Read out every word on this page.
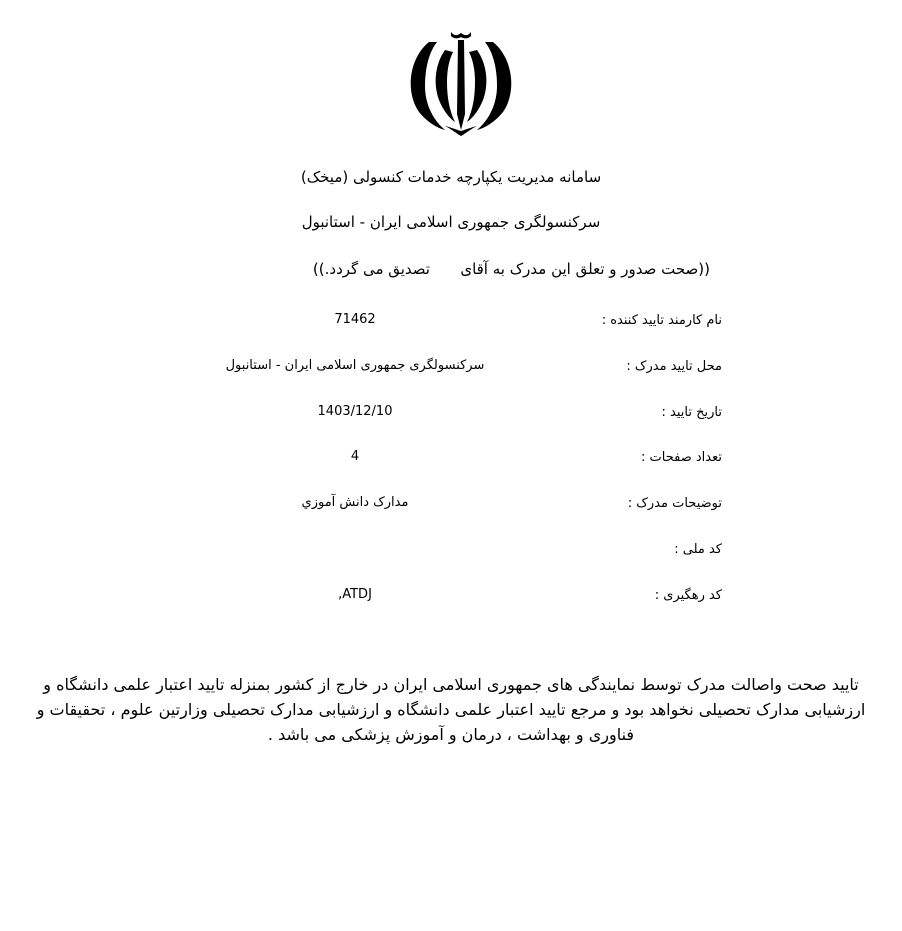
سامانه مدیریت یکپارچه خدمات کنسولی (میخک)
سرکنسولگری جمهوری اسلامی ایران - استانبول
((صحت صدور و تعلق این مدرک به آقای
تصدیق می گردد.))
نام کارمند تایید کننده :
71462
محل تایید مدرک :
سرکنسولگری جمهوری اسلامی ایران - استانبول
تاریخ تایید :
1403/12/10
تعداد صفحات :
4
توضیحات مدرک :
مدارک دانش آموزي
کد ملی :
کد رهگیری :
ATDJ,
تایید صحت واصالت مدرک توسط نمایندگی های جمهوری اسلامی ایران در خارج از کشور بمنزله تایید اعتبار علمی دانشگاه و ارزشیابی مدارک تحصیلی نخواهد بود و مرجع تایید اعتبار علمی دانشگاه و ارزشیابی مدارک تحصیلی وزارتین علوم ، تحقیقات و فناوری و بهداشت ، درمان و آموزش پزشکی می باشد .
